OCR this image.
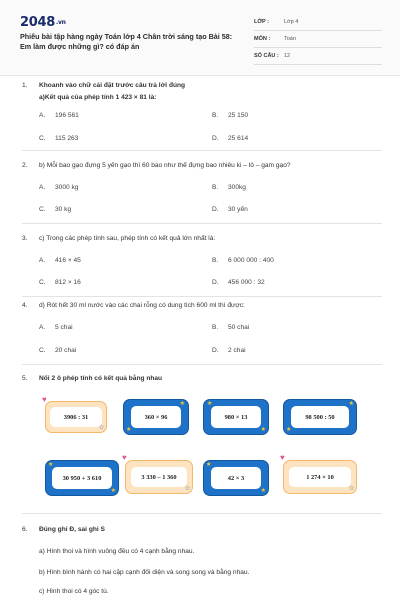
2048.vn
Phiếu bài tập hàng ngày Toán lớp 4 Chân trời sáng tạo Bài 58: Em làm được những gì? có đáp án
LỚP :	Lớp 4
MÔN :	Toán
SỐ CÂU : 12
1.	Khoanh vào chữ cái đặt trước câu trả lời đúng
a)Kết quả của phép tính 1 423 × 81 là:
A. 196 561	B. 25 150
C. 115 263	D. 25 614
2.	b) Mỗi bao gạo đựng 5 yến gạo thì 60 bao như thế đựng bao nhiêu ki – lô – gam gạo?
A. 3000 kg	B. 300kg
C. 30 kg	D. 30 yến
3.	c) Trong các phép tính sau, phép tính có kết quả lớn nhất là:
A. 416 × 45	B. 6 000 000 : 400
C. 812 × 16	D. 456 000 : 32
4.	d) Rót hết 30 ml nước vào các chai rỗng có dung tích 600 ml thì được:
A. 5 chai	B. 50 chai
C. 20 chai	D. 2 chai
5.	Nối 2 ô phép tính có kết quả bằng nhau
3906 : 31
♥
✿
360 × 96
★
★
980 × 13
★
★
98 500 : 50
★
★
30 950 + 3 610
★
★
3 330 – 1 360
♥
✿
42 × 3
★
★
1 274 × 10
♥
✿
6.	Đúng ghi Đ, sai ghi S
a) Hình thoi và hình vuông đều có 4 cạnh bằng nhau.
b) Hình bình hành có hai cặp cạnh đối diện và song song và bằng nhau.
c) Hình thoi có 4 góc tù.
